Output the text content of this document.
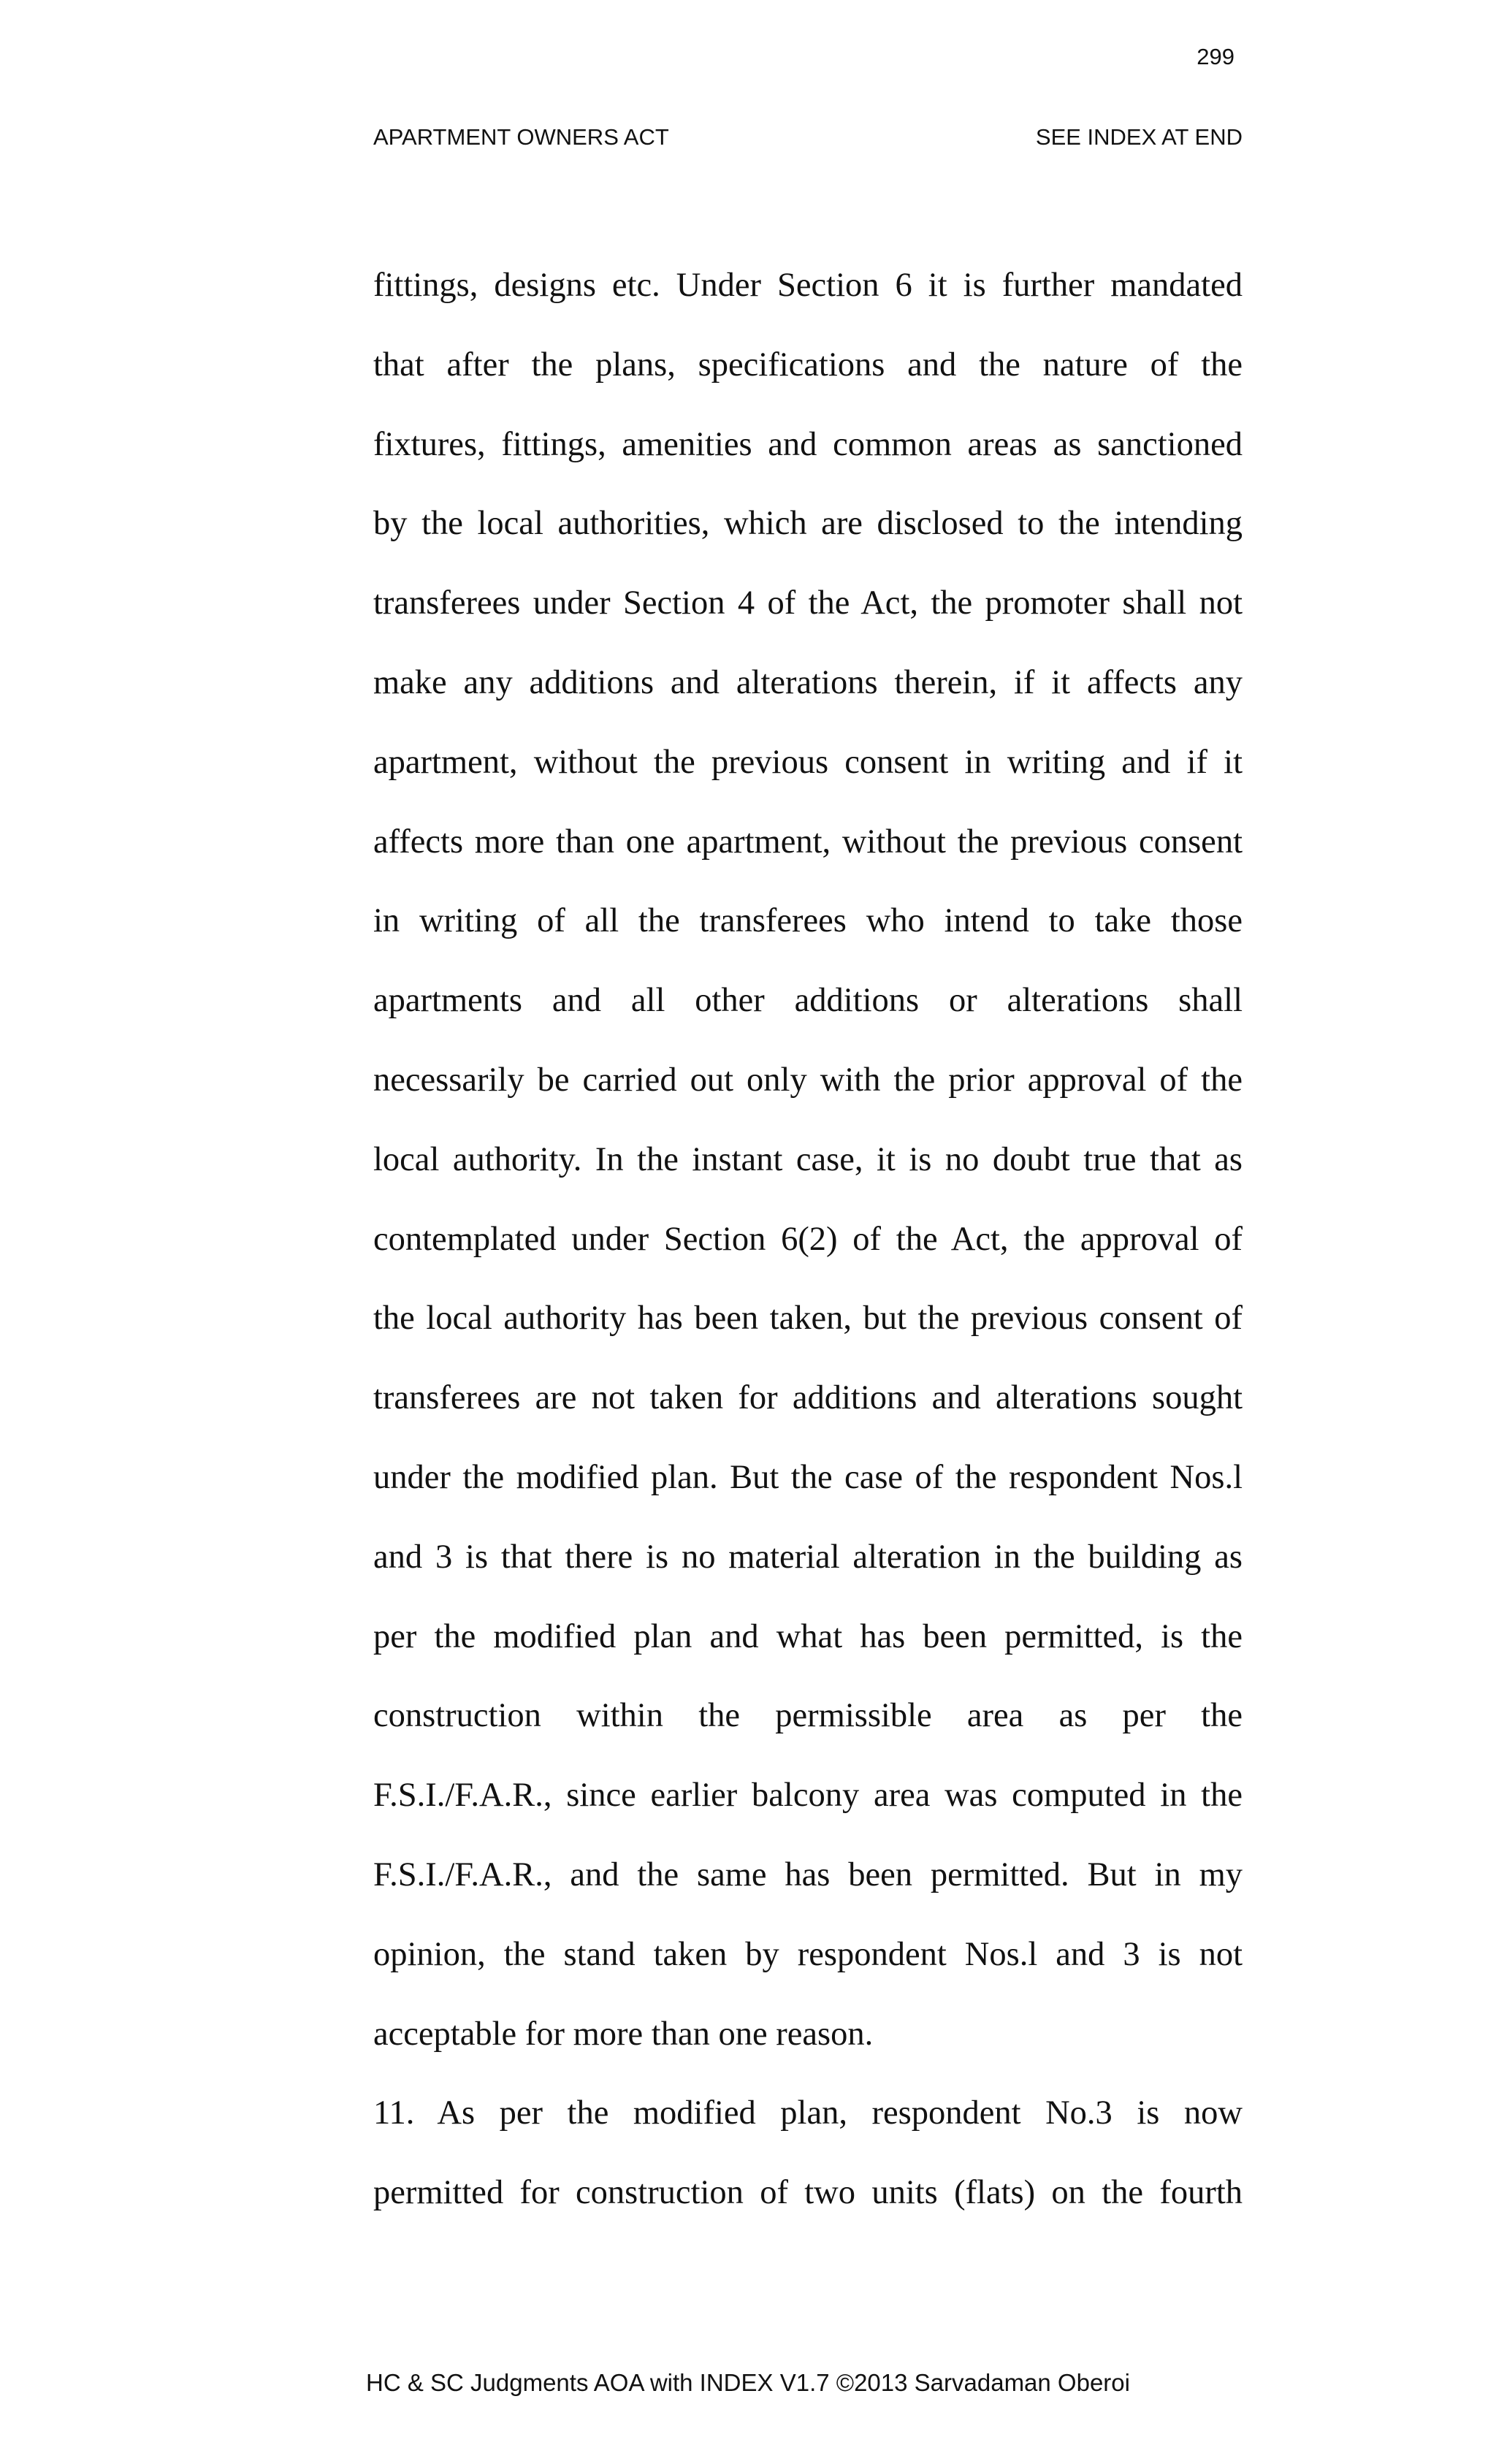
299
APARTMENT OWNERS ACT	SEE INDEX AT END
fittings, designs etc. Under Section 6 it is further mandated
that after the plans, specifications and the nature of the
fixtures, fittings, amenities and common areas as sanctioned
by the local authorities, which are disclosed to the intending
transferees under Section 4 of the Act, the promoter shall not
make any additions and alterations therein, if it affects any
apartment, without the previous consent in writing and if it
affects more than one apartment, without the previous consent
in writing of all the transferees who intend to take those
apartments and all other additions or alterations shall
necessarily be carried out only with the prior approval of the
local authority. In the instant case, it is no doubt true that as
contemplated under Section 6(2) of the Act, the approval of
the local authority has been taken, but the previous consent of
transferees are not taken for additions and alterations sought
under the modified plan. But the case of the respondent Nos.l
and 3 is that there is no material alteration in the building as
per the modified plan and what has been permitted, is the
construction within the permissible area as per the
F.S.I./F.A.R., since earlier balcony area was computed in the
F.S.I./F.A.R., and the same has been permitted. But in my
opinion, the stand taken by respondent Nos.l and 3 is not
acceptable for more than one reason.
11. As per the modified plan, respondent No.3 is now
permitted for construction of two units (flats) on the fourth
HC & SC Judgments AOA with INDEX V1.7 ©2013 Sarvadaman Oberoi
